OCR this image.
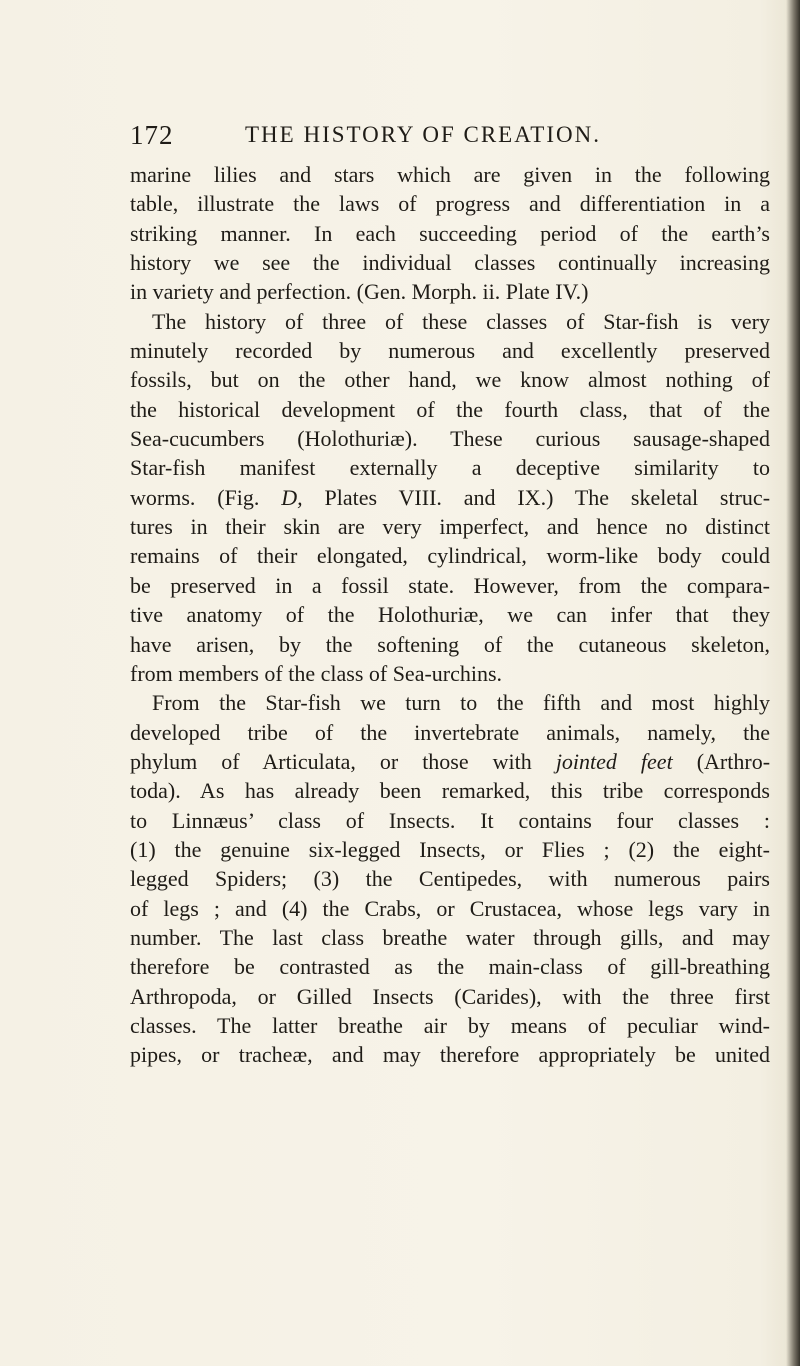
172	THE HISTORY OF CREATION.
marine lilies and stars which are given in the following
table, illustrate the laws of progress and differentiation in a
striking manner. In each succeeding period of the earth’s
history we see the individual classes continually increasing
in variety and perfection. (Gen. Morph. ii. Plate IV.)
The history of three of these classes of Star-fish is very
minutely recorded by numerous and excellently preserved
fossils, but on the other hand, we know almost nothing of
the historical development of the fourth class, that of the
Sea-cucumbers (Holothuriæ). These curious sausage-shaped
Star-fish manifest externally a deceptive similarity to
worms. (Fig. D, Plates VIII. and IX.) The skeletal struc-
tures in their skin are very imperfect, and hence no distinct
remains of their elongated, cylindrical, worm-like body could
be preserved in a fossil state. However, from the compara-
tive anatomy of the Holothuriæ, we can infer that they
have arisen, by the softening of the cutaneous skeleton,
from members of the class of Sea-urchins.
From the Star-fish we turn to the fifth and most highly
developed tribe of the invertebrate animals, namely, the
phylum of Articulata, or those with jointed feet (Arthro-
toda). As has already been remarked, this tribe corresponds
to Linnæus’ class of Insects. It contains four classes :
(1) the genuine six-legged Insects, or Flies ; (2) the eight-
legged Spiders; (3) the Centipedes, with numerous pairs
of legs ; and (4) the Crabs, or Crustacea, whose legs vary in
number. The last class breathe water through gills, and may
therefore be contrasted as the main-class of gill-breathing
Arthropoda, or Gilled Insects (Carides), with the three first
classes. The latter breathe air by means of peculiar wind-
pipes, or tracheæ, and may therefore appropriately be united
